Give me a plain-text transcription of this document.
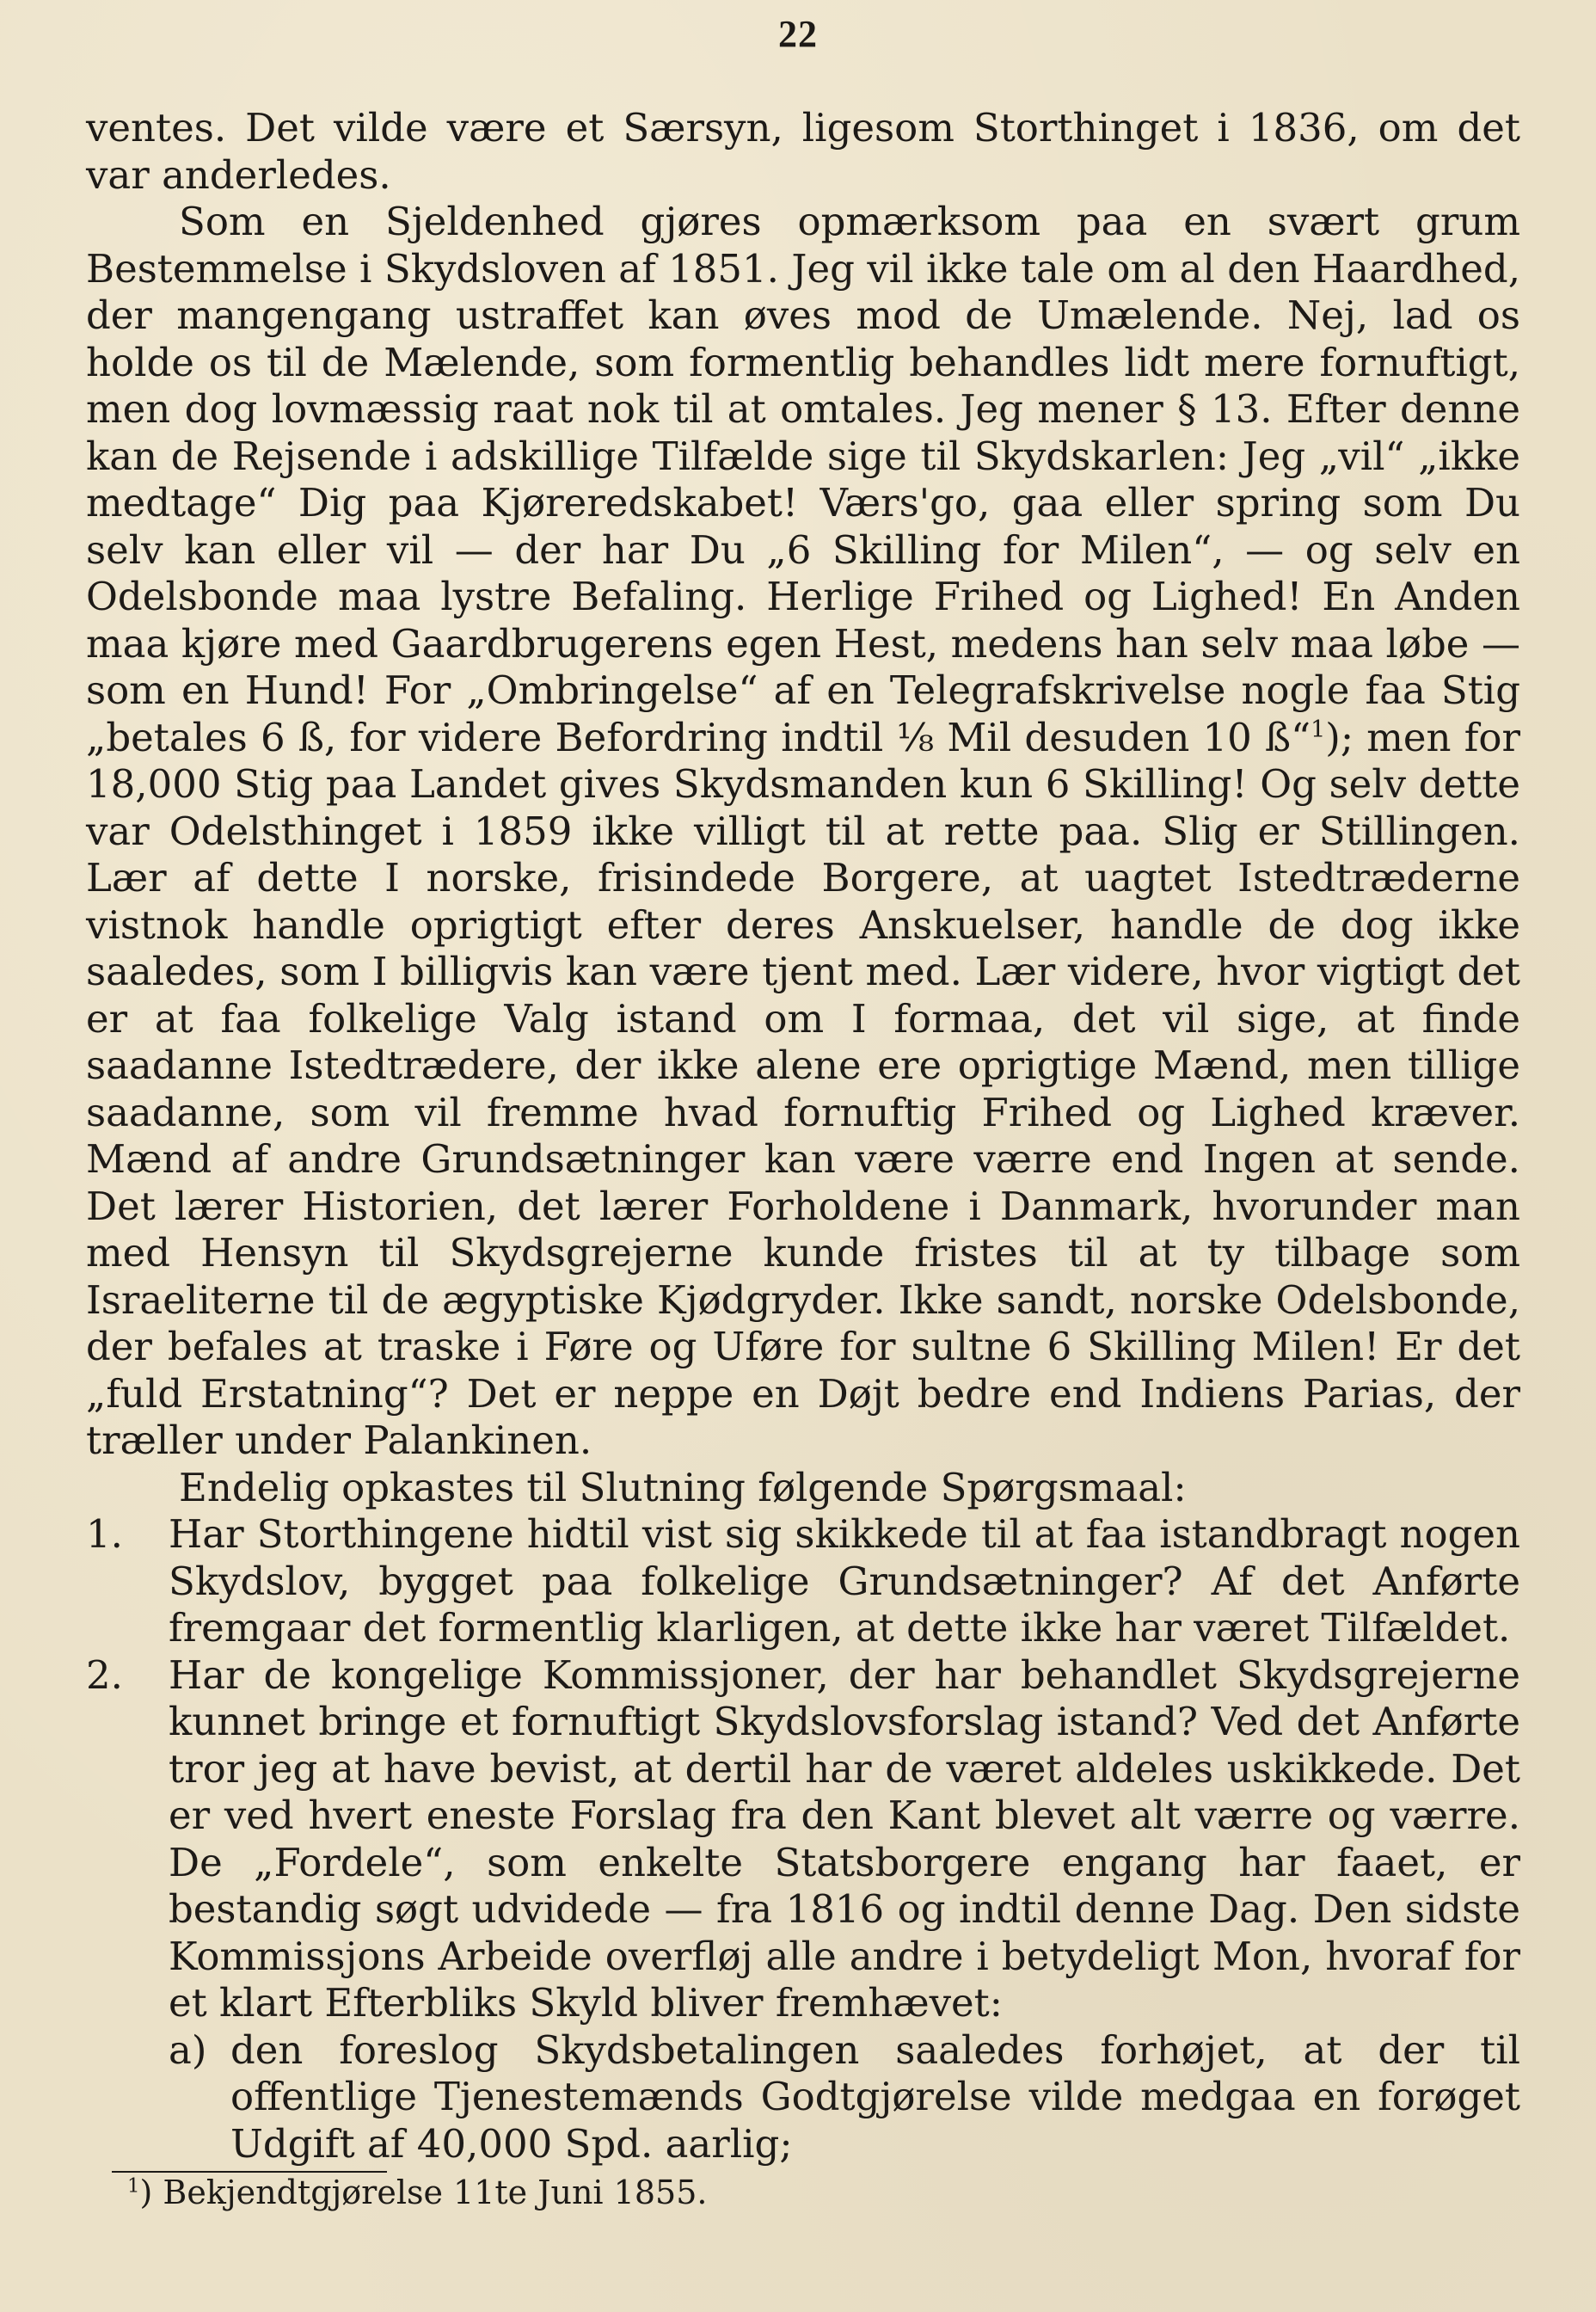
22

ventes. Det vilde være et Særsyn, ligesom Storthinget i 1836, om det var anderledes.

Som en Sjeldenhed gjøres opmærksom paa en svært grum Bestemmelse i Skydsloven af 1851. Jeg vil ikke tale om al den Haardhed, der mangengang ustraffet kan øves mod de Umælende. Nej, lad os holde os til de Mælende, som formentlig behandles lidt mere fornuftigt, men dog lovmæssig raat nok til at omtales. Jeg mener § 13. Efter denne kan de Rejsende i adskillige Tilfælde sige til Skydskarlen: Jeg „vil“ „ikke medtage“ Dig paa Kjøreredskabet! Værs'go, gaa eller spring som Du selv kan eller vil — der har Du „6 Skilling for Milen“, — og selv en Odelsbonde maa lystre Befaling. Herlige Frihed og Lighed! En Anden maa kjøre med Gaardbrugerens egen Hest, medens han selv maa løbe — som en Hund! For „Ombringelse“ af en Telegrafskrivelse nogle faa Stig „betales 6 ß, for videre Befordring indtil ⅛ Mil desuden 10 ß“$^1$); men for 18,000 Stig paa Landet gives Skydsmanden kun 6 Skilling! Og selv dette var Odelsthinget i 1859 ikke villigt til at rette paa. Slig er Stillingen. Lær af dette I norske, frisindede Borgere, at uagtet Istedtræderne vistnok handle oprigtigt efter deres Anskuelser, handle de dog ikke saaledes, som I billigvis kan være tjent med. Lær videre, hvor vigtigt det er at faa folkelige Valg istand om I formaa, det vil sige, at finde saadanne Istedtrædere, der ikke alene ere oprigtige Mænd, men tillige saadanne, som vil fremme hvad fornuftig Frihed og Lighed kræver. Mænd af andre Grundsætninger kan være værre end Ingen at sende. Det lærer Historien, det lærer Forholdene i Danmark, hvorunder man med Hensyn til Skydsgrejerne kunde fristes til at ty tilbage som Israeliterne til de ægyptiske Kjødgryder. Ikke sandt, norske Odelsbonde, der befales at traske i Føre og Uføre for sultne 6 Skilling Milen! Er det „fuld Erstatning“? Det er neppe en Døjt bedre end Indiens Parias, der træller under Palankinen.

Endelig opkastes til Slutning følgende Spørgsmaal:

1.	Har Storthingene hidtil vist sig skikkede til at faa istandbragt nogen Skydslov, bygget paa folkelige Grundsætninger? Af det Anførte fremgaar det formentlig klarligen, at dette ikke har været Tilfældet.
2.	Har de kongelige Kommissjoner, der har behandlet Skydsgrejerne kunnet bringe et fornuftigt Skydslovsforslag istand? Ved det Anførte tror jeg at have bevist, at dertil har de været aldeles uskikkede. Det er ved hvert eneste Forslag fra den Kant blevet alt værre og værre. De „Fordele“, som enkelte Statsborgere engang har faaet, er bestandig søgt udvidede — fra 1816 og indtil denne Dag. Den sidste Kommissjons Arbeide overfløj alle andre i betydeligt Mon, hvoraf for et klart Efterbliks Skyld bliver fremhævet:
a) den foreslog Skydsbetalingen saaledes forhøjet, at der til offentlige Tjenestemænds Godtgjørelse vilde medgaa en forøget Udgift af 40,000 Spd. aarlig;
$^1$) Bekjendtgjørelse 11te Juni 1855.
